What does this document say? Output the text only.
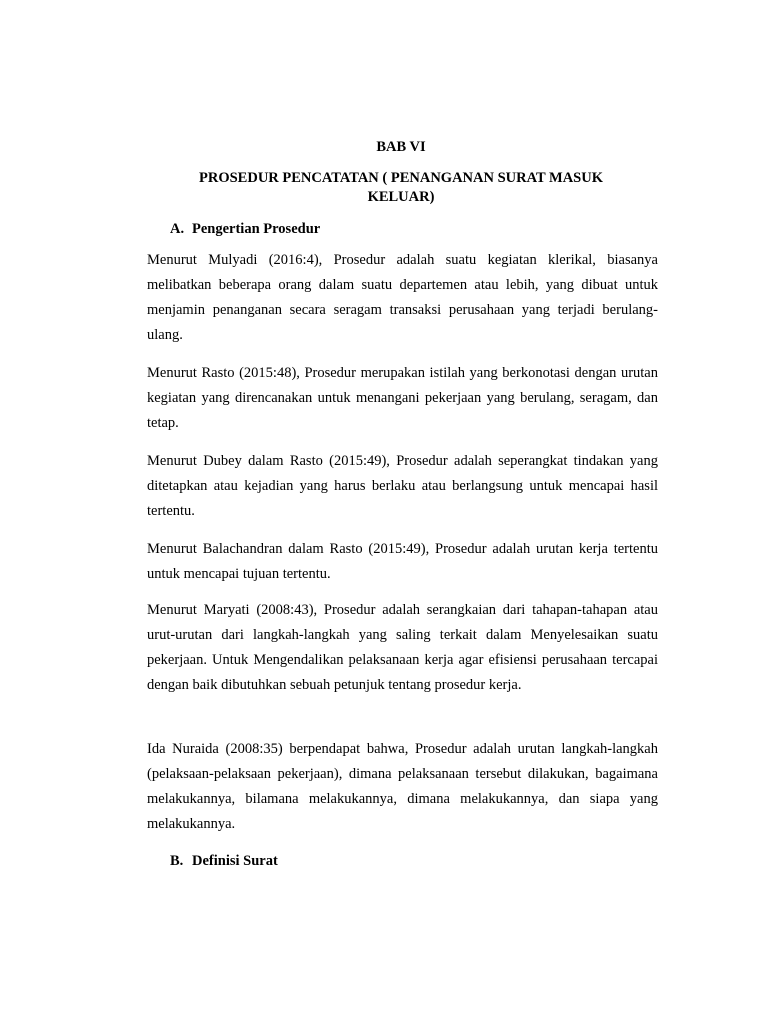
BAB VI

PROSEDUR PENCATATAN ( PENANGANAN SURAT MASUK KELUAR)

A. Pengertian Prosedur

Menurut Mulyadi (2016:4), Prosedur adalah suatu kegiatan klerikal, biasanya melibatkan beberapa orang dalam suatu departemen atau lebih, yang dibuat untuk menjamin penanganan secara seragam transaksi perusahaan yang terjadi berulang-ulang.

Menurut Rasto (2015:48), Prosedur merupakan istilah yang berkonotasi dengan urutan kegiatan yang direncanakan untuk menangani pekerjaan yang berulang, seragam, dan tetap.

Menurut Dubey dalam Rasto (2015:49), Prosedur adalah seperangkat tindakan yang ditetapkan atau kejadian yang harus berlaku atau berlangsung untuk mencapai hasil tertentu.

Menurut Balachandran dalam Rasto (2015:49), Prosedur adalah urutan kerja tertentu untuk mencapai tujuan tertentu.

Menurut Maryati (2008:43), Prosedur adalah serangkaian dari tahapan-tahapan atau urut-urutan dari langkah-langkah yang saling terkait dalam Menyelesaikan suatu pekerjaan. Untuk Mengendalikan pelaksanaan kerja agar efisiensi perusahaan tercapai dengan baik dibutuhkan sebuah petunjuk tentang prosedur kerja.

Ida Nuraida (2008:35) berpendapat bahwa, Prosedur adalah urutan langkah-langkah (pelaksaan-pelaksaan pekerjaan), dimana pelaksanaan tersebut dilakukan, bagaimana melakukannya, bilamana melakukannya, dimana melakukannya, dan siapa yang melakukannya.

B. Definisi Surat
